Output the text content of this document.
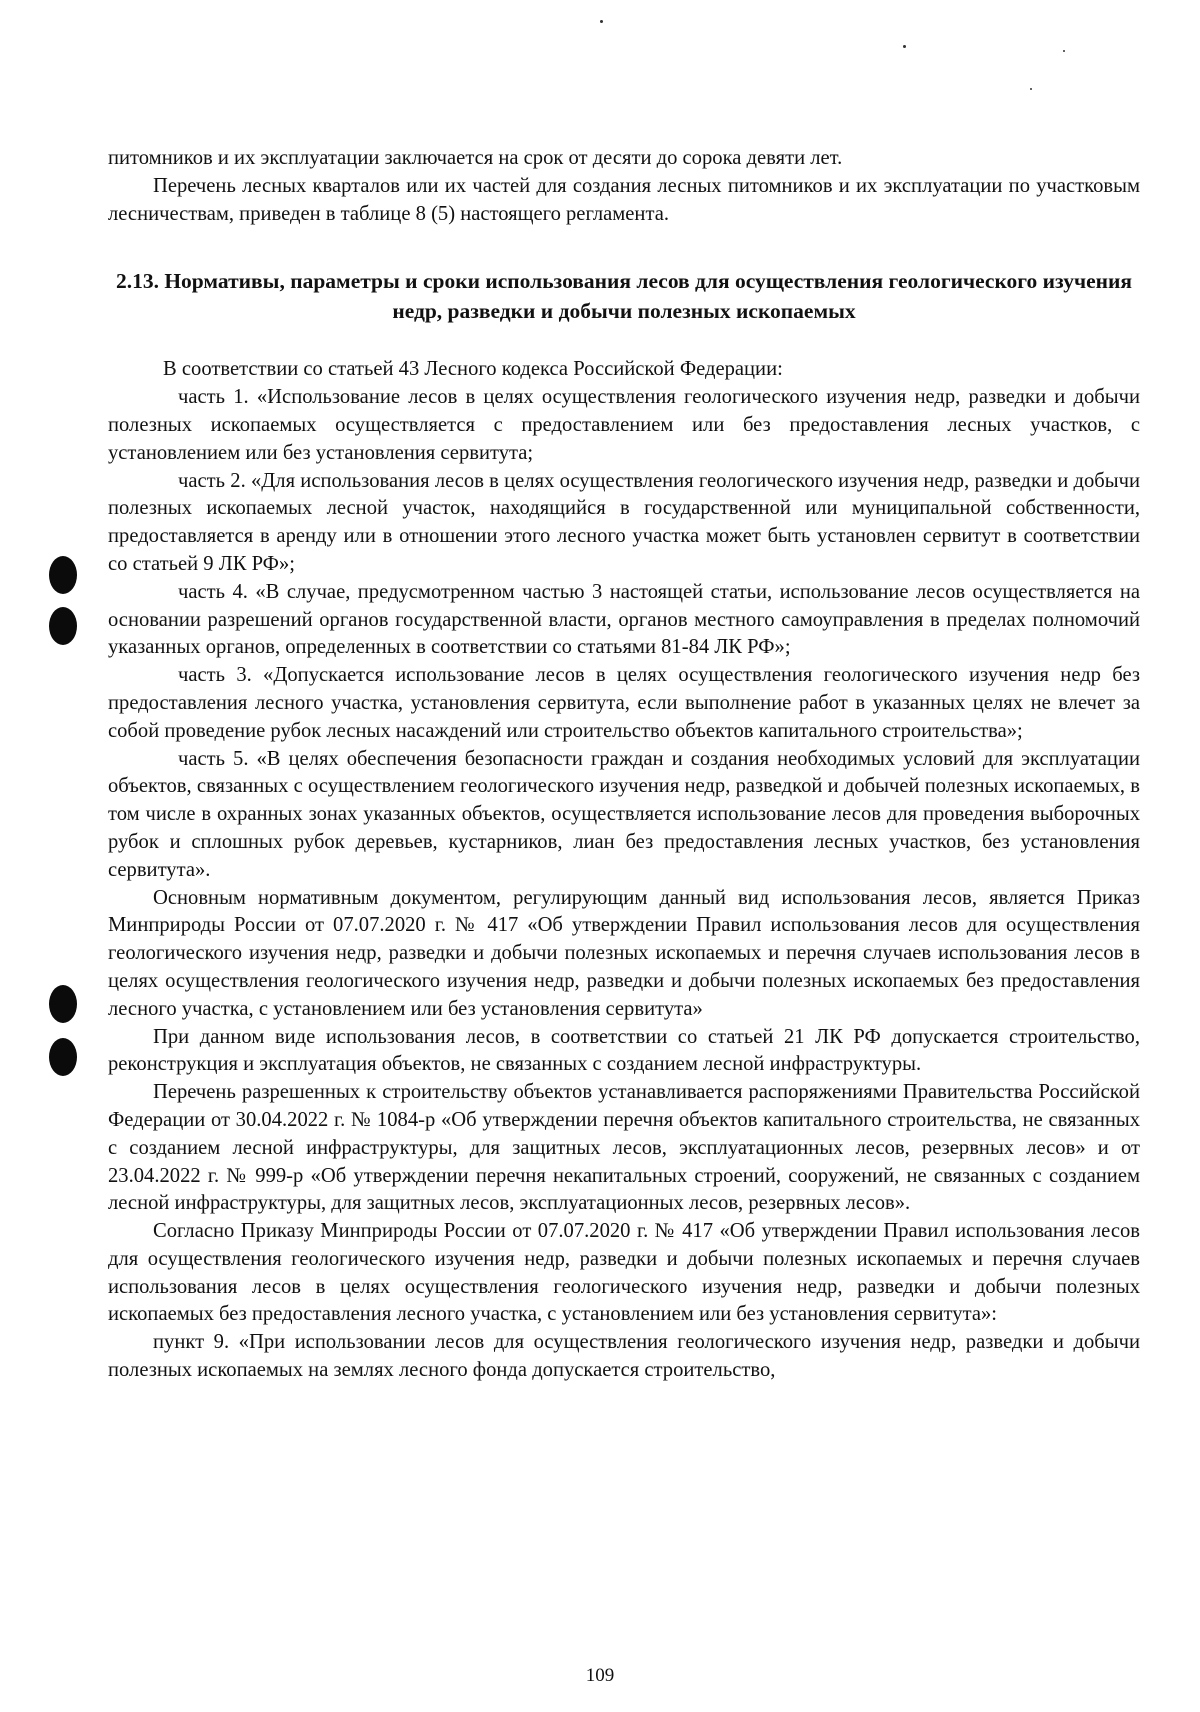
питомников и их эксплуатации заключается на срок от десяти до сорока девяти лет.

Перечень лесных кварталов или их частей для создания лесных питомников и их эксплуатации по участковым лесничествам, приведен в таблице 8 (5) настоящего регламента.

2.13. Нормативы, параметры и сроки использования лесов для осуществления геологического изучения недр, разведки и добычи полезных ископаемых

В соответствии со статьей 43 Лесного кодекса Российской Федерации:

часть 1. «Использование лесов в целях осуществления геологического изучения недр, разведки и добычи полезных ископаемых осуществляется с предоставлением или без предоставления лесных участков, с установлением или без установления сервитута;

часть 2. «Для использования лесов в целях осуществления геологического изучения недр, разведки и добычи полезных ископаемых лесной участок, находящийся в государственной или муниципальной собственности, предоставляется в аренду или в отношении этого лесного участка может быть установлен сервитут в соответствии со статьей 9 ЛК РФ»;

часть 4. «В случае, предусмотренном частью 3 настоящей статьи, использование лесов осуществляется на основании разрешений органов государственной власти, органов местного самоуправления в пределах полномочий указанных органов, определенных в соответствии со статьями 81-84 ЛК РФ»;

часть 3. «Допускается использование лесов в целях осуществления геологического изучения недр без предоставления лесного участка, установления сервитута, если выполнение работ в указанных целях не влечет за собой проведение рубок лесных насаждений или строительство объектов капитального строительства»;

часть 5. «В целях обеспечения безопасности граждан и создания необходимых условий для эксплуатации объектов, связанных с осуществлением геологического изучения недр, разведкой и добычей полезных ископаемых, в том числе в охранных зонах указанных объектов, осуществляется использование лесов для проведения выборочных рубок и сплошных рубок деревьев, кустарников, лиан без предоставления лесных участков, без установления сервитута».

Основным нормативным документом, регулирующим данный вид использования лесов, является Приказ Минприроды России от 07.07.2020 г. № 417 «Об утверждении Правил использования лесов для осуществления геологического изучения недр, разведки и добычи полезных ископаемых и перечня случаев использования лесов в целях осуществления геологического изучения недр, разведки и добычи полезных ископаемых без предоставления лесного участка, с установлением или без установления сервитута»

При данном виде использования лесов, в соответствии со статьей 21 ЛК РФ допускается строительство, реконструкция и эксплуатация объектов, не связанных с созданием лесной инфраструктуры.

Перечень разрешенных к строительству объектов устанавливается распоряжениями Правительства Российской Федерации от 30.04.2022 г. № 1084-р «Об утверждении перечня объектов капитального строительства, не связанных с созданием лесной инфраструктуры, для защитных лесов, эксплуатационных лесов, резервных лесов» и от 23.04.2022 г. № 999-р «Об утверждении перечня некапитальных строений, сооружений, не связанных с созданием лесной инфраструктуры, для защитных лесов, эксплуатационных лесов, резервных лесов».

Согласно Приказу Минприроды России от 07.07.2020 г. № 417 «Об утверждении Правил использования лесов для осуществления геологического изучения недр, разведки и добычи полезных ископаемых и перечня случаев использования лесов в целях осуществления геологического изучения недр, разведки и добычи полезных ископаемых без предоставления лесного участка, с установлением или без установления сервитута»:

пункт 9. «При использовании лесов для осуществления геологического изучения недр, разведки и добычи полезных ископаемых на землях лесного фонда допускается строительство,

109
